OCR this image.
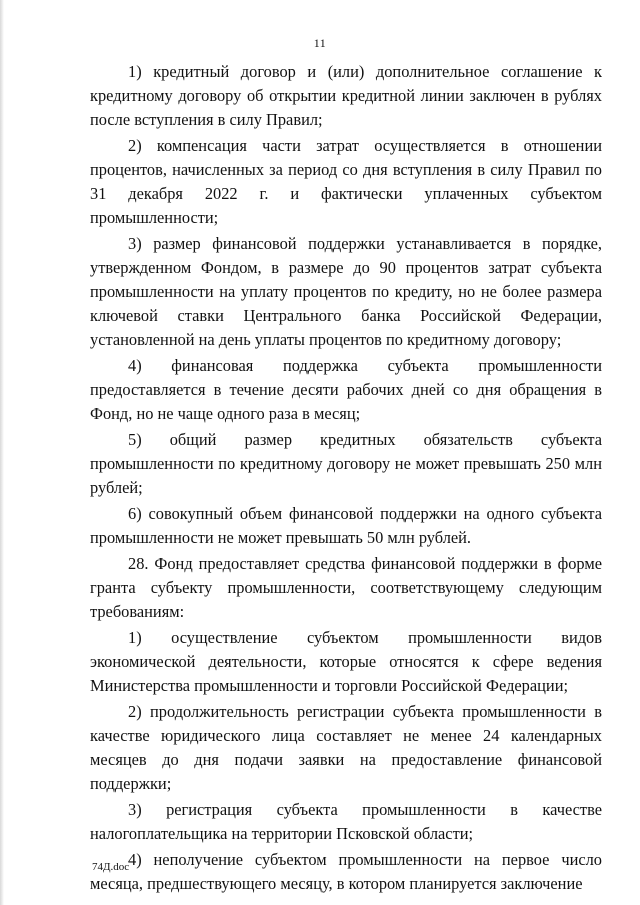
11

1) кредитный договор и (или) дополнительное соглашение к кредитному договору об открытии кредитной линии заключен в рублях после вступления в силу Правил;

2) компенсация части затрат осуществляется в отношении процентов, начисленных за период со дня вступления в силу Правил по 31 декабря 2022 г. и фактически уплаченных субъектом промышленности;

3) размер финансовой поддержки устанавливается в порядке, утвержденном Фондом, в размере до 90 процентов затрат субъекта промышленности на уплату процентов по кредиту, но не более размера ключевой ставки Центрального банка Российской Федерации, установленной на день уплаты процентов по кредитному договору;

4) финансовая поддержка субъекта промышленности предоставляется в течение десяти рабочих дней со дня обращения в Фонд, но не чаще одного раза в месяц;

5) общий размер кредитных обязательств субъекта промышленности по кредитному договору не может превышать 250 млн рублей;

6) совокупный объем финансовой поддержки на одного субъекта промышленности не может превышать 50 млн рублей.

28. Фонд предоставляет средства финансовой поддержки в форме гранта субъекту промышленности, соответствующему следующим требованиям:

1) осуществление субъектом промышленности видов экономической деятельности, которые относятся к сфере ведения Министерства промышленности и торговли Российской Федерации;

2) продолжительность регистрации субъекта промышленности в качестве юридического лица составляет не менее 24 календарных месяцев до дня подачи заявки на предоставление финансовой поддержки;

3) регистрация субъекта промышленности в качестве налогоплательщика на территории Псковской области;

4) неполучение субъектом промышленности на первое число месяца, предшествующего месяцу, в котором планируется заключение

74Д.doc
